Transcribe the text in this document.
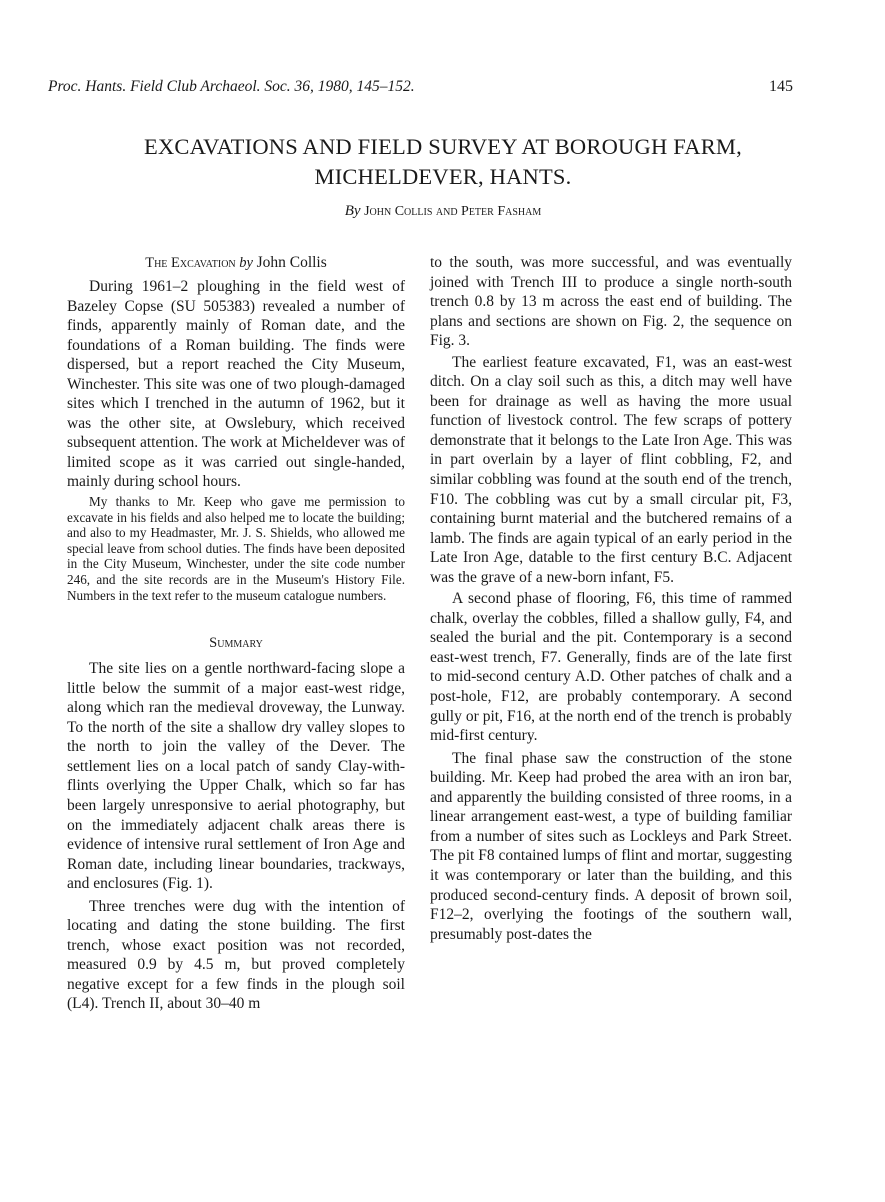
Proc. Hants. Field Club Archaeol. Soc. 36, 1980, 145–152.	145
EXCAVATIONS AND FIELD SURVEY AT BOROUGH FARM,
MICHELDEVER, HANTS.
By John Collis and Peter Fasham
The Excavation by John Collis

During 1961–2 ploughing in the field west of Bazeley Copse (SU 505383) revealed a number of finds, apparently mainly of Roman date, and the foundations of a Roman building. The finds were dispersed, but a report reached the City Museum, Winchester. This site was one of two plough-damaged sites which I trenched in the autumn of 1962, but it was the other site, at Owslebury, which received subsequent attention. The work at Micheldever was of limited scope as it was carried out single-handed, mainly during school hours.

My thanks to Mr. Keep who gave me permission to excavate in his fields and also helped me to locate the building; and also to my Headmaster, Mr. J. S. Shields, who allowed me special leave from school duties. The finds have been deposited in the City Museum, Winchester, under the site code number 246, and the site records are in the Museum's History File. Numbers in the text refer to the museum catalogue numbers.

Summary

The site lies on a gentle northward-facing slope a little below the summit of a major east-west ridge, along which ran the medieval droveway, the Lunway. To the north of the site a shallow dry valley slopes to the north to join the valley of the Dever. The settlement lies on a local patch of sandy Clay-with-flints overlying the Upper Chalk, which so far has been largely unresponsive to aerial photography, but on the immediately adjacent chalk areas there is evidence of intensive rural settlement of Iron Age and Roman date, including linear boundaries, trackways, and enclosures (Fig. 1).

Three trenches were dug with the intention of locating and dating the stone building. The first trench, whose exact position was not recorded, measured 0.9 by 4.5 m, but proved completely negative except for a few finds in the plough soil (L4). Trench II, about 30–40 m

to the south, was more successful, and was eventually joined with Trench III to produce a single north-south trench 0.8 by 13 m across the east end of building. The plans and sections are shown on Fig. 2, the sequence on Fig. 3.

The earliest feature excavated, F1, was an east-west ditch. On a clay soil such as this, a ditch may well have been for drainage as well as having the more usual function of livestock control. The few scraps of pottery demonstrate that it belongs to the Late Iron Age. This was in part overlain by a layer of flint cobbling, F2, and similar cobbling was found at the south end of the trench, F10. The cobbling was cut by a small circular pit, F3, containing burnt material and the butchered remains of a lamb. The finds are again typical of an early period in the Late Iron Age, datable to the first century B.C. Adjacent was the grave of a new-born infant, F5.

A second phase of flooring, F6, this time of rammed chalk, overlay the cobbles, filled a shallow gully, F4, and sealed the burial and the pit. Contemporary is a second east-west trench, F7. Generally, finds are of the late first to mid-second century A.D. Other patches of chalk and a post-hole, F12, are probably contemporary. A second gully or pit, F16, at the north end of the trench is probably mid-first century.

The final phase saw the construction of the stone building. Mr. Keep had probed the area with an iron bar, and apparently the building consisted of three rooms, in a linear arrangement east-west, a type of building familiar from a number of sites such as Lockleys and Park Street. The pit F8 contained lumps of flint and mortar, suggesting it was contemporary or later than the building, and this produced second-century finds. A deposit of brown soil, F12–2, overlying the footings of the southern wall, presumably post-dates the
